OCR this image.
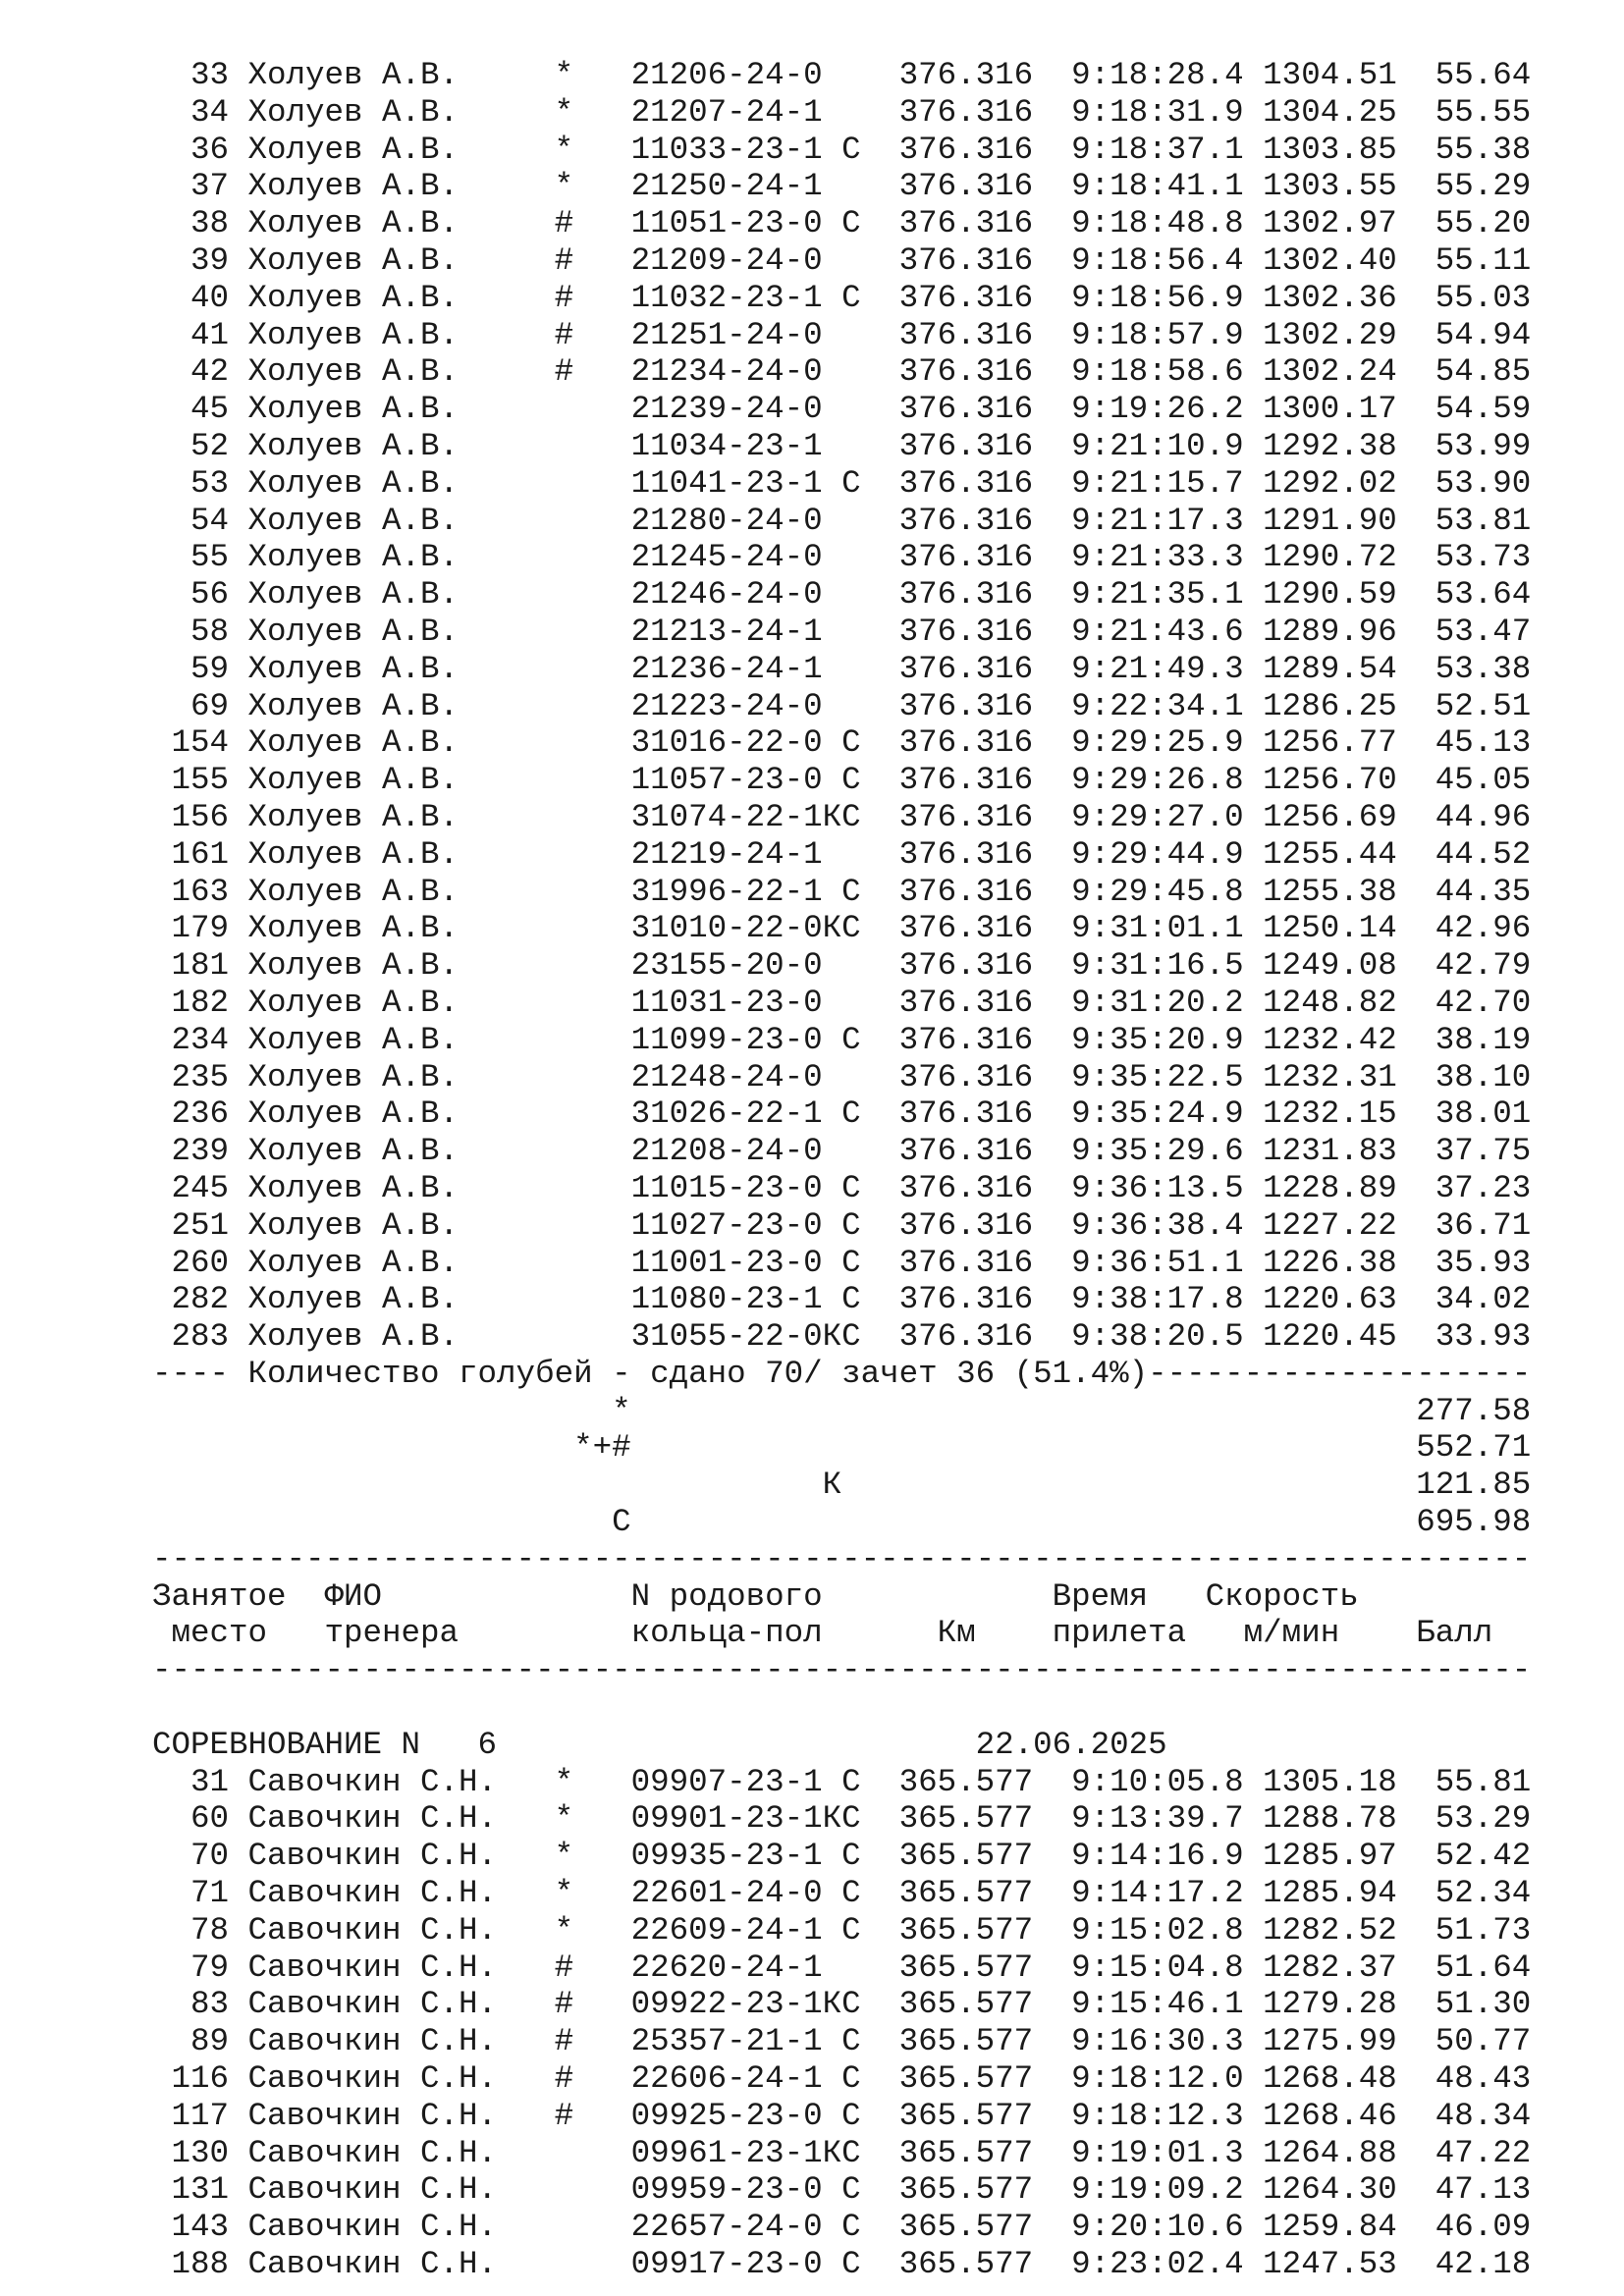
33 Холуев А.В.     *   21206-24-0    376.316  9:18:28.4 1304.51  55.64
34 Холуев А.В.     *   21207-24-1    376.316  9:18:31.9 1304.25  55.55
36 Холуев А.В.     *   11033-23-1 С  376.316  9:18:37.1 1303.85  55.38
37 Холуев А.В.     *   21250-24-1    376.316  9:18:41.1 1303.55  55.29
38 Холуев А.В.     #   11051-23-0 С  376.316  9:18:48.8 1302.97  55.20
39 Холуев А.В.     #   21209-24-0    376.316  9:18:56.4 1302.40  55.11
40 Холуев А.В.     #   11032-23-1 С  376.316  9:18:56.9 1302.36  55.03
41 Холуев А.В.     #   21251-24-0    376.316  9:18:57.9 1302.29  54.94
42 Холуев А.В.     #   21234-24-0    376.316  9:18:58.6 1302.24  54.85
45 Холуев А.В.         21239-24-0    376.316  9:19:26.2 1300.17  54.59
52 Холуев А.В.         11034-23-1    376.316  9:21:10.9 1292.38  53.99
53 Холуев А.В.         11041-23-1 С  376.316  9:21:15.7 1292.02  53.90
54 Холуев А.В.         21280-24-0    376.316  9:21:17.3 1291.90  53.81
55 Холуев А.В.         21245-24-0    376.316  9:21:33.3 1290.72  53.73
56 Холуев А.В.         21246-24-0    376.316  9:21:35.1 1290.59  53.64
58 Холуев А.В.         21213-24-1    376.316  9:21:43.6 1289.96  53.47
59 Холуев А.В.         21236-24-1    376.316  9:21:49.3 1289.54  53.38
69 Холуев А.В.         21223-24-0    376.316  9:22:34.1 1286.25  52.51
154 Холуев А.В.         31016-22-0 С  376.316  9:29:25.9 1256.77  45.13
155 Холуев А.В.         11057-23-0 С  376.316  9:29:26.8 1256.70  45.05
156 Холуев А.В.         31074-22-1КС  376.316  9:29:27.0 1256.69  44.96
161 Холуев А.В.         21219-24-1    376.316  9:29:44.9 1255.44  44.52
163 Холуев А.В.         31996-22-1 С  376.316  9:29:45.8 1255.38  44.35
179 Холуев А.В.         31010-22-0КС  376.316  9:31:01.1 1250.14  42.96
181 Холуев А.В.         23155-20-0    376.316  9:31:16.5 1249.08  42.79
182 Холуев А.В.         11031-23-0    376.316  9:31:20.2 1248.82  42.70
234 Холуев А.В.         11099-23-0 С  376.316  9:35:20.9 1232.42  38.19
235 Холуев А.В.         21248-24-0    376.316  9:35:22.5 1232.31  38.10
236 Холуев А.В.         31026-22-1 С  376.316  9:35:24.9 1232.15  38.01
239 Холуев А.В.         21208-24-0    376.316  9:35:29.6 1231.83  37.75
245 Холуев А.В.         11015-23-0 С  376.316  9:36:13.5 1228.89  37.23
251 Холуев А.В.         11027-23-0 С  376.316  9:36:38.4 1227.22  36.71
260 Холуев А.В.         11001-23-0 С  376.316  9:36:51.1 1226.38  35.93
282 Холуев А.В.         11080-23-1 С  376.316  9:38:17.8 1220.63  34.02
283 Холуев А.В.         31055-22-0КС  376.316  9:38:20.5 1220.45  33.93
---- Количество голубей - сдано 70/ зачет 36 (51.4%)--------------------
*                                         277.58
*+#                                         552.71
К                              121.85
С                                         695.98
------------------------------------------------------------------------
Занятое  ФИО             N родового            Время   Скорость
место   тренера         кольца-пол      Км    прилета   м/мин    Балл
------------------------------------------------------------------------
СОРЕВНОВАНИЕ N   6                         22.06.2025
31 Савочкин С.Н.   *   09907-23-1 С  365.577  9:10:05.8 1305.18  55.81
60 Савочкин С.Н.   *   09901-23-1КС  365.577  9:13:39.7 1288.78  53.29
70 Савочкин С.Н.   *   09935-23-1 С  365.577  9:14:16.9 1285.97  52.42
71 Савочкин С.Н.   *   22601-24-0 С  365.577  9:14:17.2 1285.94  52.34
78 Савочкин С.Н.   *   22609-24-1 С  365.577  9:15:02.8 1282.52  51.73
79 Савочкин С.Н.   #   22620-24-1    365.577  9:15:04.8 1282.37  51.64
83 Савочкин С.Н.   #   09922-23-1КС  365.577  9:15:46.1 1279.28  51.30
89 Савочкин С.Н.   #   25357-21-1 С  365.577  9:16:30.3 1275.99  50.77
116 Савочкин С.Н.   #   22606-24-1 С  365.577  9:18:12.0 1268.48  48.43
117 Савочкин С.Н.   #   09925-23-0 С  365.577  9:18:12.3 1268.46  48.34
130 Савочкин С.Н.       09961-23-1КС  365.577  9:19:01.3 1264.88  47.22
131 Савочкин С.Н.       09959-23-0 С  365.577  9:19:09.2 1264.30  47.13
143 Савочкин С.Н.       22657-24-0 С  365.577  9:20:10.6 1259.84  46.09
188 Савочкин С.Н.       09917-23-0 С  365.577  9:23:02.4 1247.53  42.18
